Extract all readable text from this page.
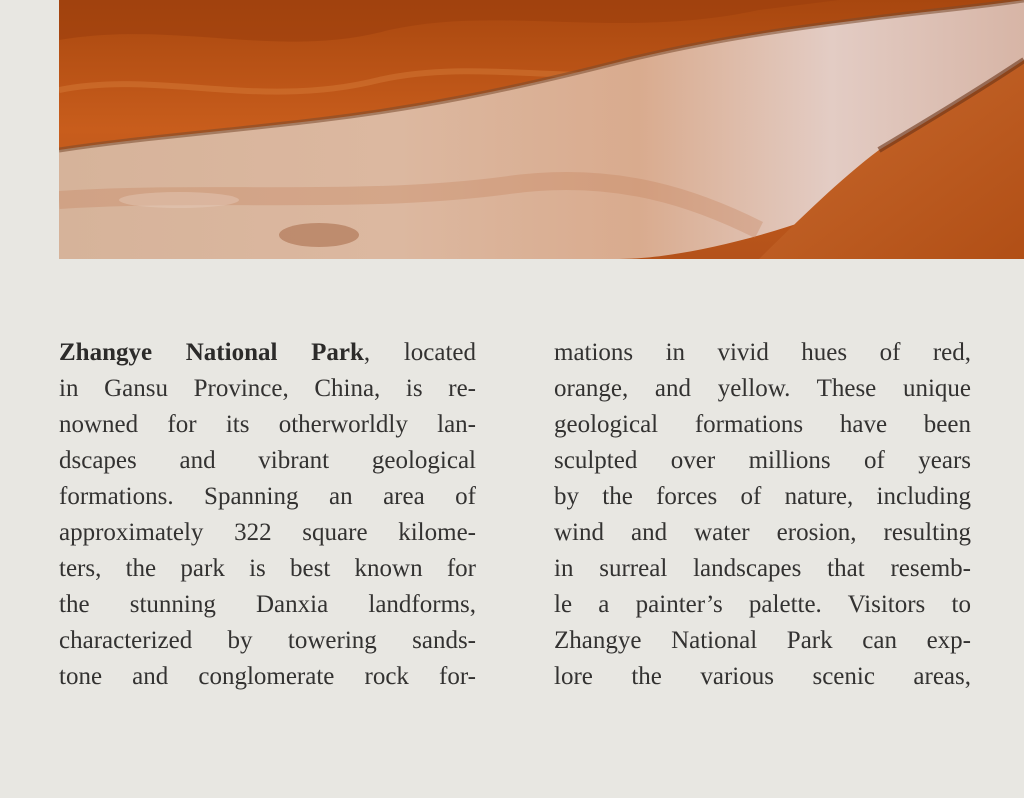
Zhangye National Park, located
in Gansu Province, China, is re-
nowned for its otherworldly lan-
dscapes and vibrant geological
formations. Spanning an area of
approximately 322 square kilome-
ters, the park is best known for
the stunning Danxia landforms,
characterized by towering sands-
tone and conglomerate rock for-
mations in vivid hues of red,
orange, and yellow. These unique
geological formations have been
sculpted over millions of years
by the forces of nature, including
wind and water erosion, resulting
in surreal landscapes that resemb-
le a painter’s palette. Visitors to
Zhangye National Park can exp-
lore the various scenic areas,
